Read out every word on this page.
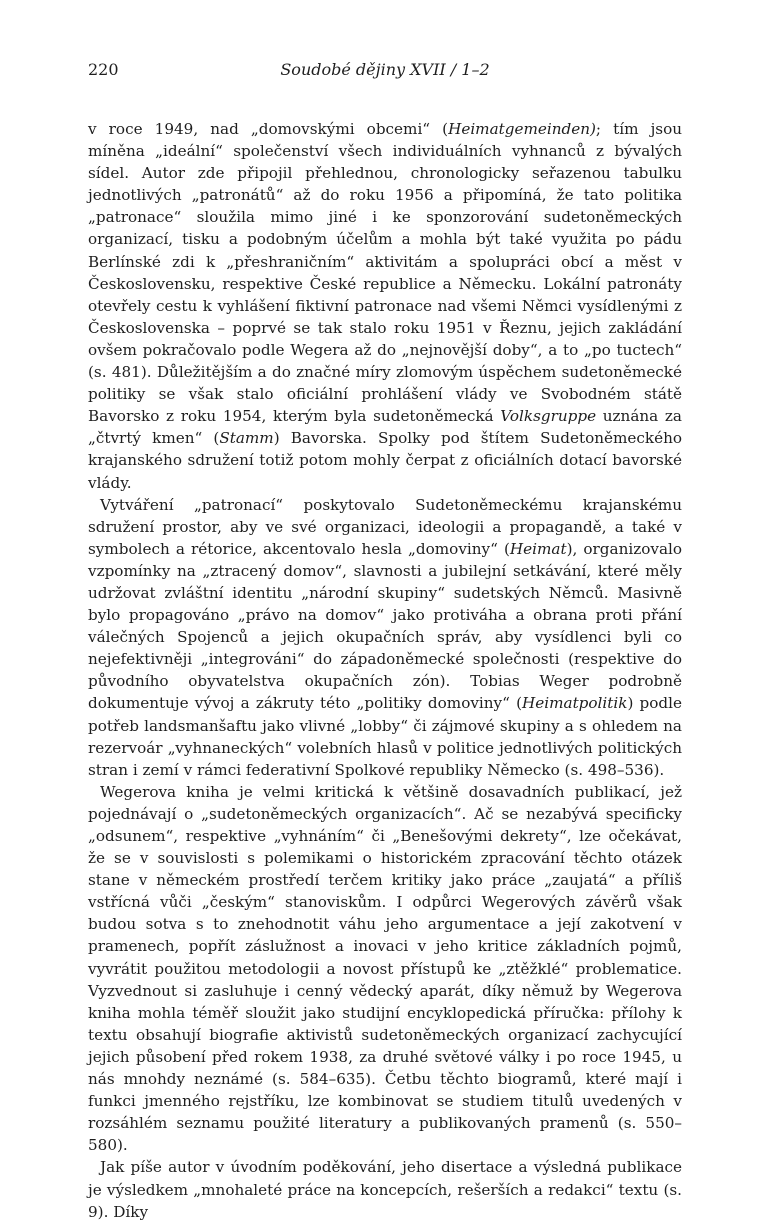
220	Soudobé dějiny XVII / 1–2

v roce 1949, nad „domovskými obcemi“ (Heimatgemeinden); tím jsou míněna „ideální“ společenství všech individuálních vyhnanců z bývalých sídel. Autor zde připojil přehlednou, chronologicky seřazenou tabulku jednotlivých „patronátů“ až do roku 1956 a připomíná, že tato politika „patronace“ sloužila mimo jiné i ke sponzorování sudetoněmeckých organizací, tisku a podobným účelům a mohla být také využita po pádu Berlínské zdi k „přeshraničním“ aktivitám a spolupráci obcí a měst v Československu, respektive České republice a Německu. Lokální patronáty otevřely cestu k vyhlášení fiktivní patronace nad všemi Němci vysídlenými z Československa – poprvé se tak stalo roku 1951 v Řeznu, jejich zakládání ovšem pokračovalo podle Wegera až do „nejnovější doby“, a to „po tuctech“ (s. 481). Důležitějším a do značné míry zlomovým úspěchem sudetoněmecké politiky se však stalo oficiální prohlášení vlády ve Svobodném státě Bavorsko z roku 1954, kterým byla sudetoněmecká Volksgruppe uznána za „čtvrtý kmen“ (Stamm) Bavorska. Spolky pod štítem Sudetoněmeckého krajanského sdružení totiž potom mohly čerpat z oficiálních dotací bavorské vlády.

Vytváření „patronací“ poskytovalo Sudetoněmeckému krajanskému sdružení prostor, aby ve své organizaci, ideologii a propagandě, a také v symbolech a rétorice, akcentovalo hesla „domoviny“ (Heimat), organizovalo vzpomínky na „ztracený domov“, slavnosti a jubilejní setkávání, které měly udržovat zvláštní identitu „národní skupiny“ sudetských Němců. Masivně bylo propagováno „právo na domov“ jako protiváha a obrana proti přání válečných Spojenců a jejich okupačních správ, aby vysídlenci byli co nejefektivněji „integrováni“ do západoněmecké společnosti (respektive do původního obyvatelstva okupačních zón). Tobias Weger podrobně dokumentuje vývoj a zákruty této „politiky domoviny“ (Heimatpolitik) podle potřeb landsmanšaftu jako vlivné „lobby“ či zájmové skupiny a s ohledem na rezervoár „vyhnaneckých“ volebních hlasů v politice jednotlivých politických stran i zemí v rámci federativní Spolkové republiky Německo (s. 498–536).

Wegerova kniha je velmi kritická k většině dosavadních publikací, jež pojednávají o „sudetoněmeckých organizacích“. Ač se nezabývá specificky „odsunem“, respektive „vyhnáním“ či „Benešovými dekrety“, lze očekávat, že se v souvislosti s polemikami o historickém zpracování těchto otázek stane v německém prostředí terčem kritiky jako práce „zaujatá“ a příliš vstřícná vůči „českým“ stanoviskům. I odpůrci Wegerových závěrů však budou sotva s to znehodnotit váhu jeho argumentace a její zakotvení v pramenech, popřít záslužnost a inovaci v jeho kritice základních pojmů, vyvrátit použitou metodologii a novost přístupů ke „ztěžklé“ problematice. Vyzvednout si zasluhuje i cenný vědecký aparát, díky němuž by Wegerova kniha mohla téměř sloužit jako studijní encyklopedická příručka: přílohy k textu obsahují biografie aktivistů sudetoněmeckých organizací zachycující jejich působení před rokem 1938, za druhé světové války i po roce 1945, u nás mnohdy neznámé (s. 584–635). Četbu těchto biogramů, které mají i funkci jmenného rejstříku, lze kombinovat se studiem titulů uvedených v rozsáhlém seznamu použité literatury a publikovaných pramenů (s. 550–580).

Jak píše autor v úvodním poděkování, jeho disertace a výsledná publikace je výsledkem „mnohaleté práce na koncepcích, rešerších a redakci“ textu (s. 9). Díky
